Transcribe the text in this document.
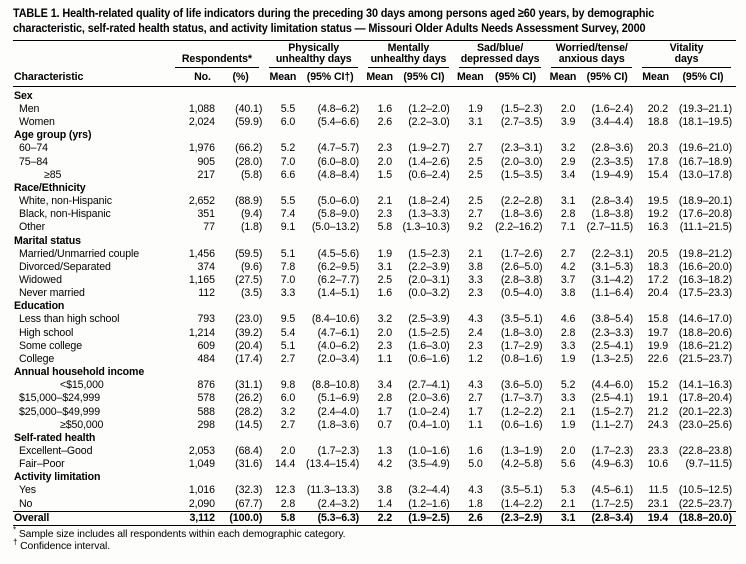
TABLE 1. Health-related quality of life indicators during the preceding 30 days among persons aged ≥60 years, by demographic
characteristic, self-rated health status, and activity limitation status — Missouri Older Adults Needs Assessment Survey, 2000

Respondents*

Physically
unhealthy days

Mentally
unhealthy days

Sad/blue/
depressed days

Worried/tense/
anxious days

Vitality
days

Characteristic	No.	(%)	Mean	(95% CI†)	Mean	(95% CI)	Mean	(95% CI)	Mean	(95% CI)	Mean	(95% CI)
Sex												
Men	1,088	(40.1)	5.5	(4.8–6.2)	1.6	(1.2–2.0)	1.9	(1.5–2.3)	2.0	(1.6–2.4)	20.2	(19.3–21.1)
Women	2,024	(59.9)	6.0	(5.4–6.6)	2.6	(2.2–3.0)	3.1	(2.7–3.5)	3.9	(3.4–4.4)	18.8	(18.1–19.5)
Age group (yrs)												
60–74	1,976	(66.2)	5.2	(4.7–5.7)	2.3	(1.9–2.7)	2.7	(2.3–3.1)	3.2	(2.8–3.6)	20.3	(19.6–21.0)
75–84	905	(28.0)	7.0	(6.0–8.0)	2.0	(1.4–2.6)	2.5	(2.0–3.0)	2.9	(2.3–3.5)	17.8	(16.7–18.9)
≥85	217	(5.8)	6.6	(4.8–8.4)	1.5	(0.6–2.4)	2.5	(1.5–3.5)	3.4	(1.9–4.9)	15.4	(13.0–17.8)
Race/Ethnicity												
White, non-Hispanic	2,652	(88.9)	5.5	(5.0–6.0)	2.1	(1.8–2.4)	2.5	(2.2–2.8)	3.1	(2.8–3.4)	19.5	(18.9–20.1)
Black, non-Hispanic	351	(9.4)	7.4	(5.8–9.0)	2.3	(1.3–3.3)	2.7	(1.8–3.6)	2.8	(1.8–3.8)	19.2	(17.6–20.8)
Other	77	(1.8)	9.1	(5.0–13.2)	5.8	(1.3–10.3)	9.2	(2.2–16.2)	7.1	(2.7–11.5)	16.3	(11.1–21.5)
Marital status												
Married/Unmarried couple	1,456	(59.5)	5.1	(4.5–5.6)	1.9	(1.5–2.3)	2.1	(1.7–2.6)	2.7	(2.2–3.1)	20.5	(19.8–21.2)
Divorced/Separated	374	(9.6)	7.8	(6.2–9.5)	3.1	(2.2–3.9)	3.8	(2.6–5.0)	4.2	(3.1–5.3)	18.3	(16.6–20.0)
Widowed	1,165	(27.5)	7.0	(6.2–7.7)	2.5	(2.0–3.1)	3.3	(2.8–3.8)	3.7	(3.1–4.2)	17.2	(16.3–18.2)
Never married	112	(3.5)	3.3	(1.4–5.1)	1.6	(0.0–3.2)	2.3	(0.5–4.0)	3.8	(1.1–6.4)	20.4	(17.5–23.3)
Education												
Less than high school	793	(23.0)	9.5	(8.4–10.6)	3.2	(2.5–3.9)	4.3	(3.5–5.1)	4.6	(3.8–5.4)	15.8	(14.6–17.0)
High school	1,214	(39.2)	5.4	(4.7–6.1)	2.0	(1.5–2.5)	2.4	(1.8–3.0)	2.8	(2.3–3.3)	19.7	(18.8–20.6)
Some college	609	(20.4)	5.1	(4.0–6.2)	2.3	(1.6–3.0)	2.3	(1.7–2.9)	3.3	(2.5–4.1)	19.9	(18.6–21.2)
College	484	(17.4)	2.7	(2.0–3.4)	1.1	(0.6–1.6)	1.2	(0.8–1.6)	1.9	(1.3–2.5)	22.6	(21.5–23.7)
Annual household income												
<$15,000	876	(31.1)	9.8	(8.8–10.8)	3.4	(2.7–4.1)	4.3	(3.6–5.0)	5.2	(4.4–6.0)	15.2	(14.1–16.3)
$15,000–$24,999	578	(26.2)	6.0	(5.1–6.9)	2.8	(2.0–3.6)	2.7	(1.7–3.7)	3.3	(2.5–4.1)	19.1	(17.8–20.4)
$25,000–$49,999	588	(28.2)	3.2	(2.4–4.0)	1.7	(1.0–2.4)	1.7	(1.2–2.2)	2.1	(1.5–2.7)	21.2	(20.1–22.3)
≥$50,000	298	(14.5)	2.7	(1.8–3.6)	0.7	(0.4–1.0)	1.1	(0.6–1.6)	1.9	(1.1–2.7)	24.3	(23.0–25.6)
Self-rated health												
Excellent–Good	2,053	(68.4)	2.0	(1.7–2.3)	1.3	(1.0–1.6)	1.6	(1.3–1.9)	2.0	(1.7–2.3)	23.3	(22.8–23.8)
Fair–Poor	1,049	(31.6)	14.4	(13.4–15.4)	4.2	(3.5–4.9)	5.0	(4.2–5.8)	5.6	(4.9–6.3)	10.6	(9.7–11.5)
Activity limitation												
Yes	1,016	(32.3)	12.3	(11.3–13.3)	3.8	(3.2–4.4)	4.3	(3.5–5.1)	5.3	(4.5–6.1)	11.5	(10.5–12.5)
No	2,090	(67.7)	2.8	(2.4–3.2)	1.4	(1.2–1.6)	1.8	(1.4–2.2)	2.1	(1.7–2.5)	23.1	(22.5–23.7)
Overall	3,112	(100.0)	5.8	(5.3–6.3)	2.2	(1.9–2.5)	2.6	(2.3–2.9)	3.1	(2.8–3.4)	19.4	(18.8–20.0)
* Sample size includes all respondents within each demographic category.
† Confidence interval.
